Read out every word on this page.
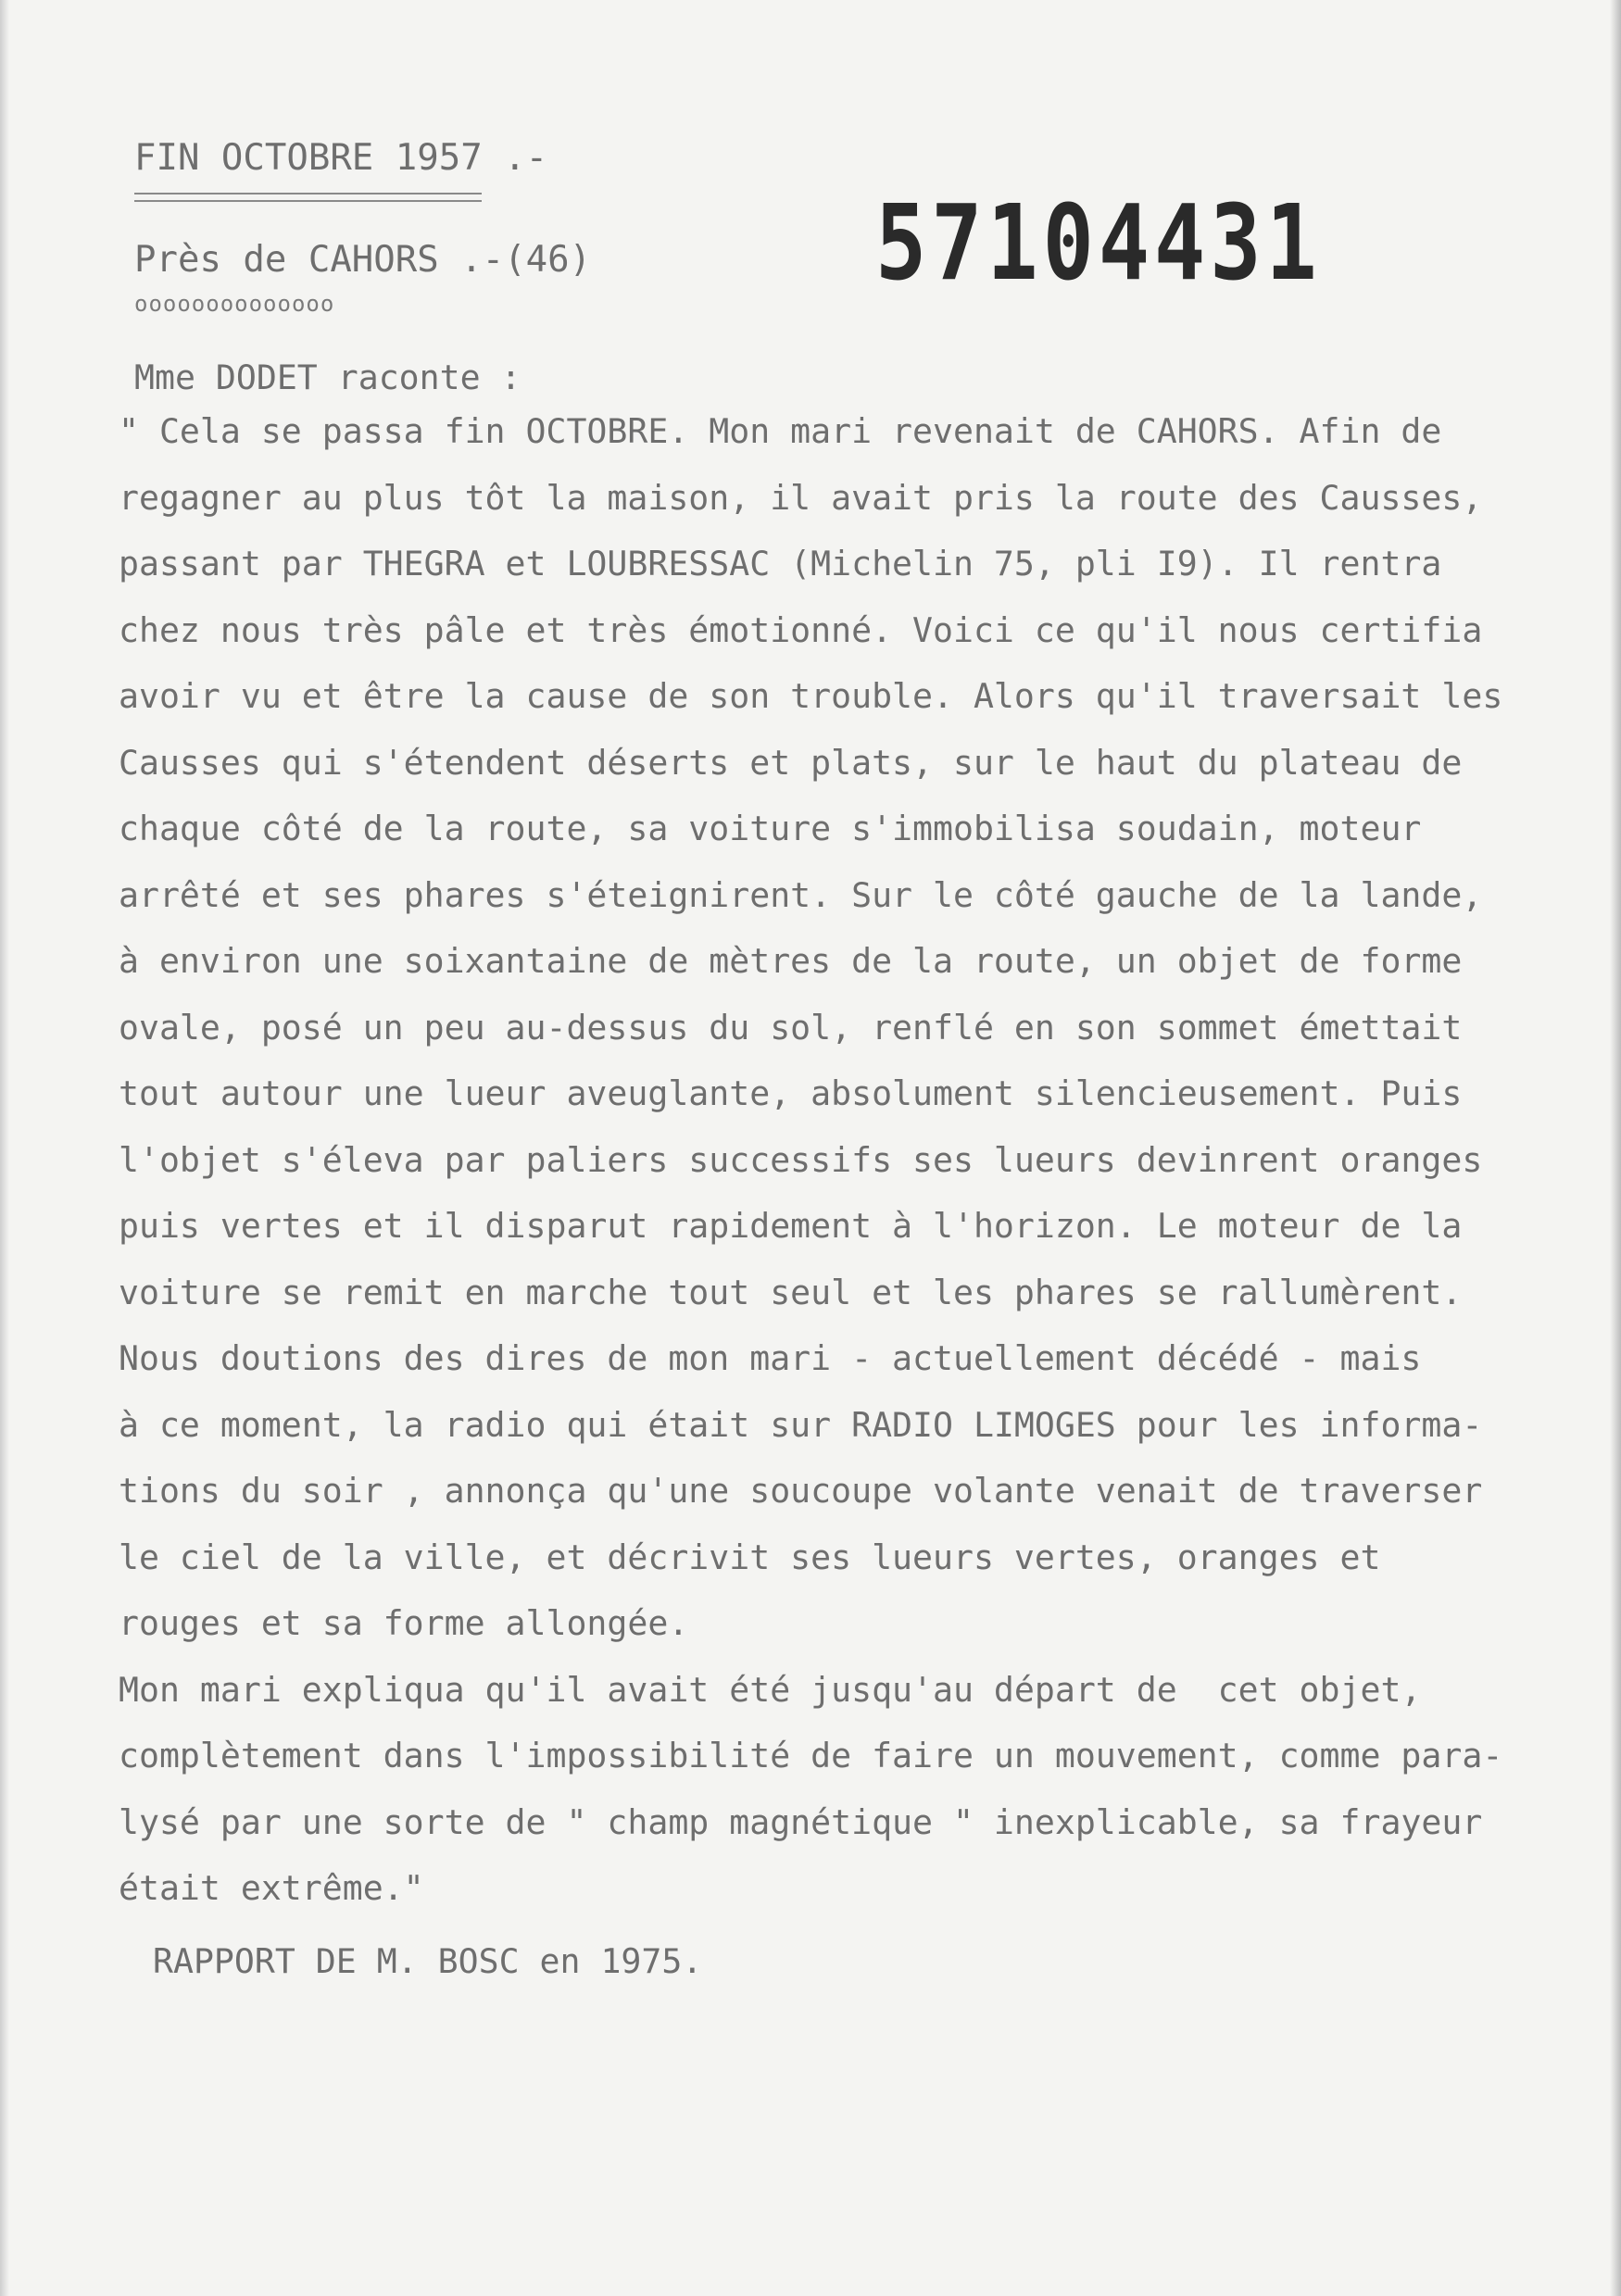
FIN OCTOBRE 1957 .-
Près de CAHORS .-(46)
oooooooooooooo	57104431
Mme DODET raconte :
" Cela se passa fin OCTOBRE. Mon mari revenait de CAHORS. Afin de
regagner au plus tôt la maison, il avait pris la route des Causses,
passant par THEGRA et LOUBRESSAC (Michelin 75, pli I9). Il rentra
chez nous très pâle et très émotionné. Voici ce qu'il nous certifia
avoir vu et être la cause de son trouble. Alors qu'il traversait les
Causses qui s'étendent déserts et plats, sur le haut du plateau de
chaque côté de la route, sa voiture s'immobilisa soudain, moteur
arrêté et ses phares s'éteignirent. Sur le côté gauche de la lande,
à environ une soixantaine de mètres de la route, un objet de forme
ovale, posé un peu au-dessus du sol, renflé en son sommet émettait
tout autour une lueur aveuglante, absolument silencieusement. Puis
l'objet s'éleva par paliers successifs ses lueurs devinrent oranges
puis vertes et il disparut rapidement à l'horizon. Le moteur de la
voiture se remit en marche tout seul et les phares se rallumèrent.
Nous doutions des dires de mon mari - actuellement décédé - mais
à ce moment, la radio qui était sur RADIO LIMOGES pour les informa-
tions du soir , annonça qu'une soucoupe volante venait de traverser
le ciel de la ville, et décrivit ses lueurs vertes, oranges et
rouges et sa forme allongée.
Mon mari expliqua qu'il avait été jusqu'au départ de  cet objet,
complètement dans l'impossibilité de faire un mouvement, comme para-
lysé par une sorte de " champ magnétique " inexplicable, sa frayeur
était extrême."
RAPPORT DE M. BOSC en 1975.
